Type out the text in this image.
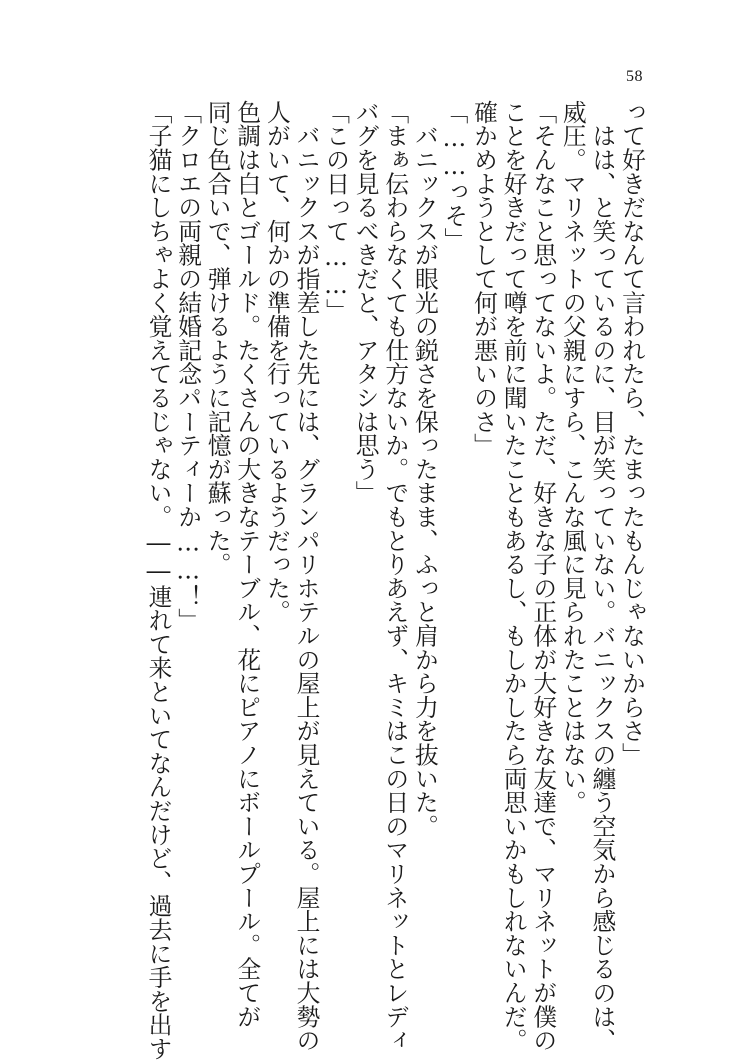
58
って好きだなんて言われたら、たまったもんじゃないからさ」
　はは、と笑っているのに、目が笑っていない。バニックスの纏う空気から感じるのは、
威圧。マリネットの父親にすら、こんな風に見られたことはない。
「そんなこと思ってないよ。ただ、好きな子の正体が大好きな友達で、マリネットが僕の
ことを好きだって噂を前に聞いたこともあるし、もしかしたら両思いかもしれないんだ。
確かめようとして何が悪いのさ」
「……っそ」
　バニックスが眼光の鋭さを保ったまま、ふっと肩から力を抜いた。
「まぁ伝わらなくても仕方ないか。でもとりあえず、キミはこの日のマリネットとレディ
バグを見るべきだと、アタシは思う」
「この日って……」
　バニックスが指差した先には、グランパリホテルの屋上が見えている。屋上には大勢の
人がいて、何かの準備を行っているようだった。
色調は白とゴールド。たくさんの大きなテーブル、花にピアノにボールプール。全てが
同じ色合いで、弾けるように記憶が蘇った。
「クロエの両親の結婚記念パーティーか……！」
「子猫にしちゃよく覚えてるじゃない。――連れて来といてなんだけど、過去に手を出す
